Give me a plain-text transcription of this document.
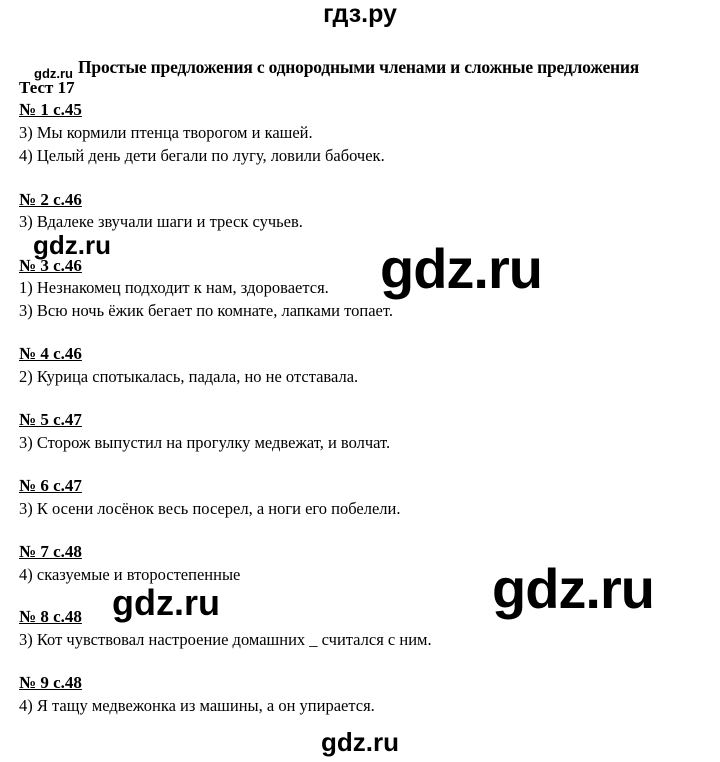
гдз.ру
gdz.ru Простые предложения с однородными членами и сложные предложения
Тест 17
№ 1 с.45
3) Мы кормили птенца творогом и кашей.
4) Целый день дети бегали по лугу, ловили бабочек.
№ 2 с.46
3) Вдалеке звучали шаги и треск сучьев.
gdz.ru
№ 3 с.46
1) Незнакомец подходит к нам, здоровается.
3) Всю ночь ёжик бегает по комнате, лапками топает.
gdz.ru
№ 4 с.46
2) Курица спотыкалась, падала, но не отставала.
№ 5 с.47
3) Сторож выпустил на прогулку медвежат, и волчат.
№ 6 с.47
3) К осени лосёнок весь посерел, а ноги его побелели.
№ 7 с.48
4) сказуемые и второстепенные
gdz.ru	gdz.ru
№ 8 с.48
3) Кот чувствовал настроение домашних _ считался с ним.
№ 9 с.48
4) Я тащу медвежонка из машины, а он упирается.
gdz.ru
